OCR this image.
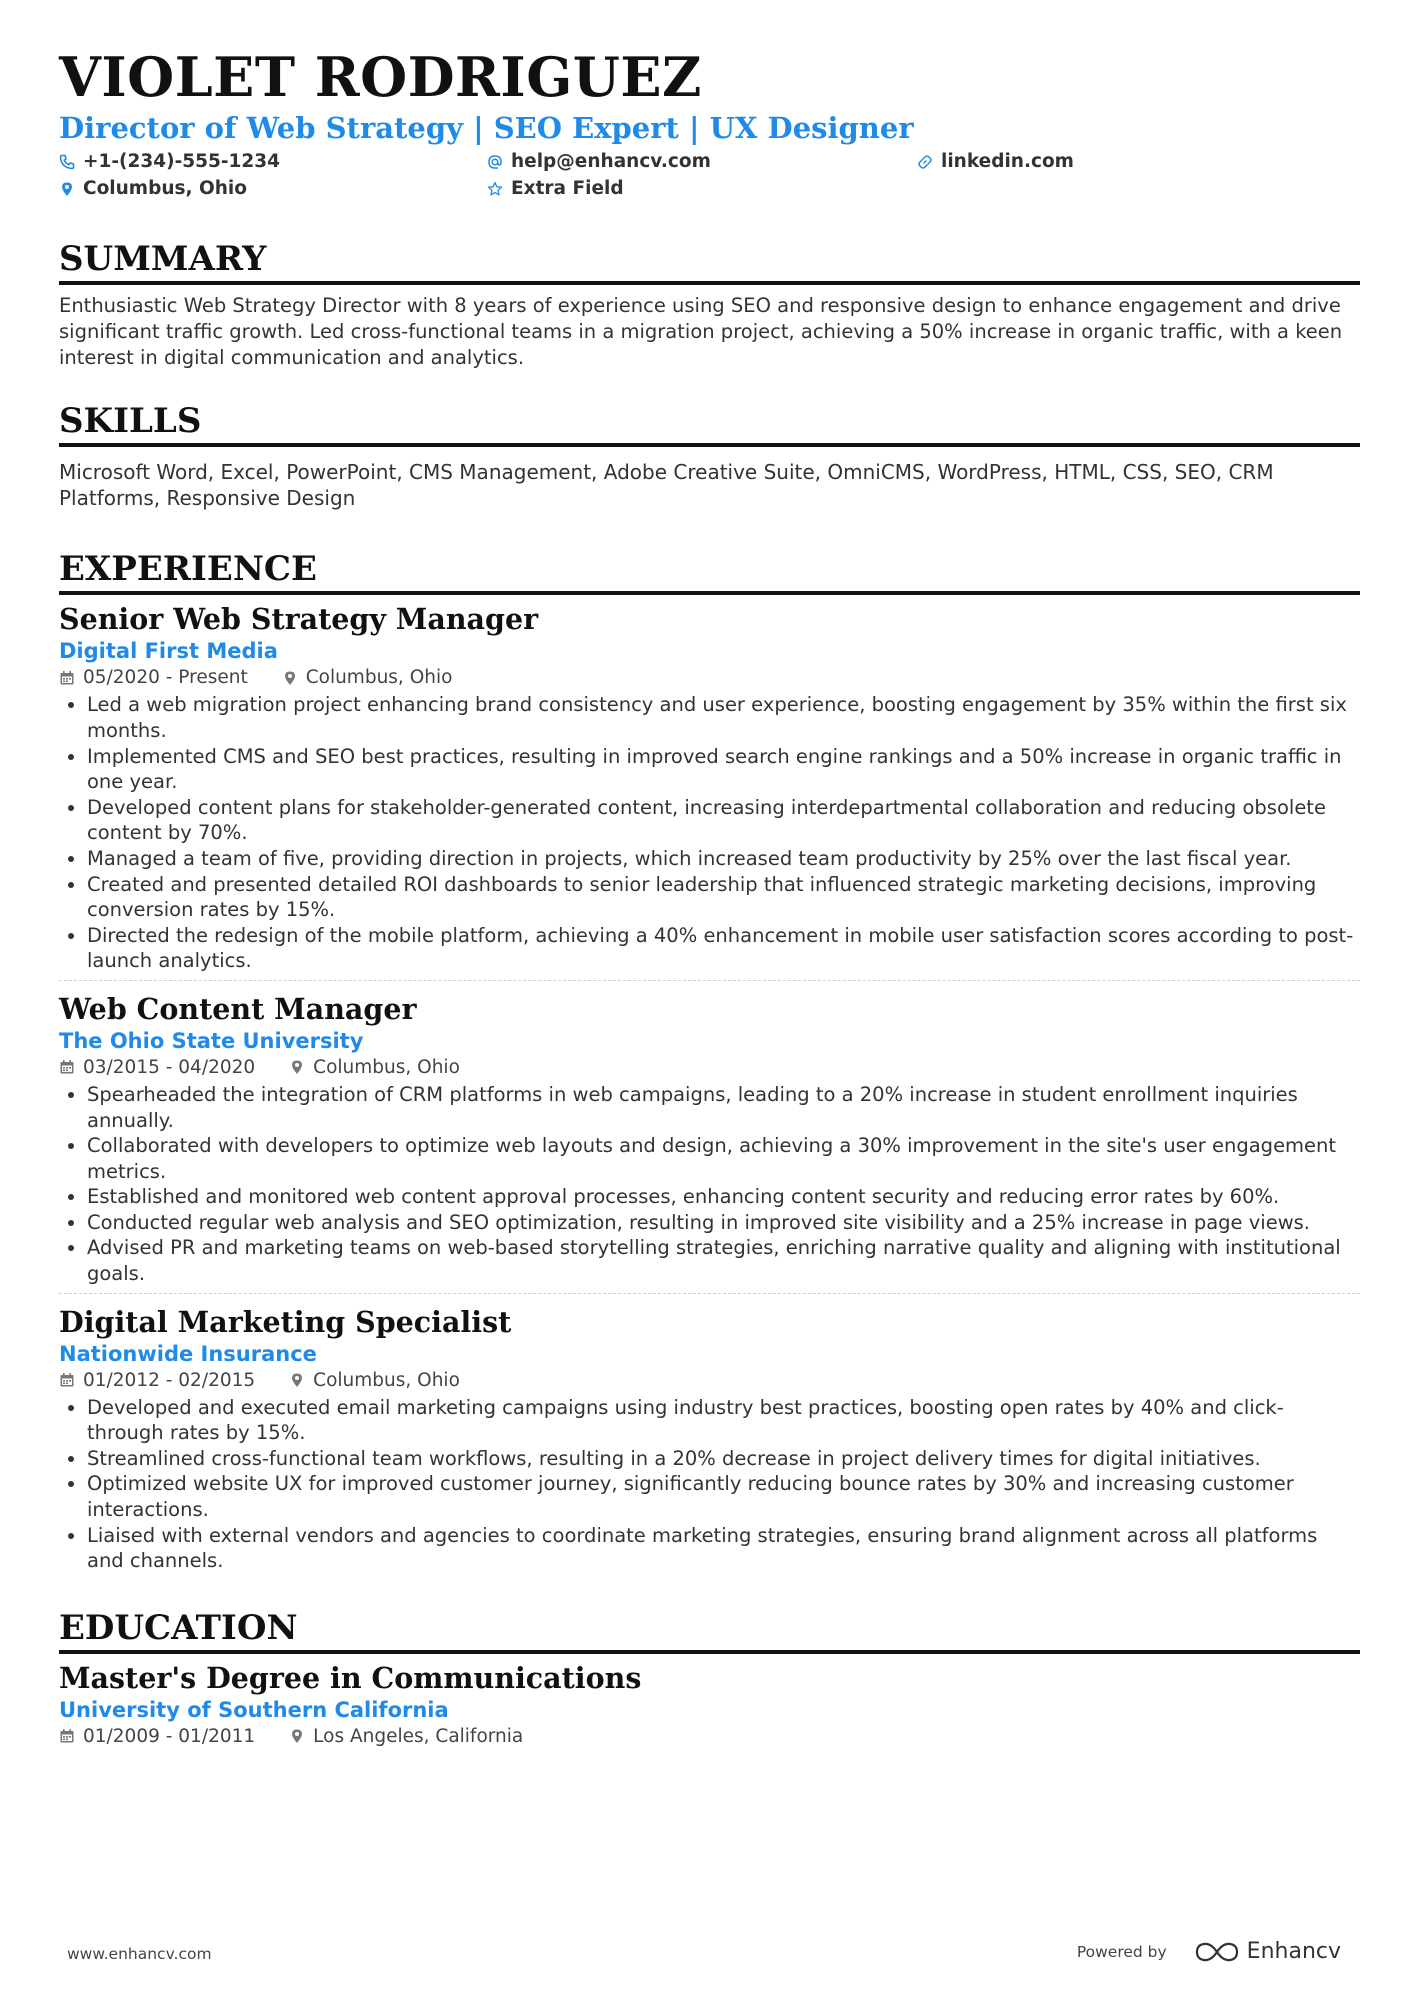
VIOLET RODRIGUEZ
Director of Web Strategy | SEO Expert | UX Designer
+1-(234)-555-1234	help@enhancv.com	linkedin.com
Columbus, Ohio	Extra Field
SUMMARY

Enthusiastic Web Strategy Director with 8 years of experience using SEO and responsive design to enhance engagement and drive significant traffic growth. Led cross-functional teams in a migration project, achieving a 50% increase in organic traffic, with a keen interest in digital communication and analytics.

SKILLS

Microsoft Word, Excel, PowerPoint, CMS Management, Adobe Creative Suite, OmniCMS, WordPress, HTML, CSS, SEO, CRM Platforms, Responsive Design

EXPERIENCE
Senior Web Strategy Manager
Digital First Media
05/2020 - Present	Columbus, Ohio
• Led a web migration project enhancing brand consistency and user experience, boosting engagement by 35% within the first six months.
• Implemented CMS and SEO best practices, resulting in improved search engine rankings and a 50% increase in organic traffic in one year.
• Developed content plans for stakeholder-generated content, increasing interdepartmental collaboration and reducing obsolete content by 70%.
• Managed a team of five, providing direction in projects, which increased team productivity by 25% over the last fiscal year.
• Created and presented detailed ROI dashboards to senior leadership that influenced strategic marketing decisions, improving conversion rates by 15%.
• Directed the redesign of the mobile platform, achieving a 40% enhancement in mobile user satisfaction scores according to post-launch analytics.
Web Content Manager
The Ohio State University
03/2015 - 04/2020	Columbus, Ohio
• Spearheaded the integration of CRM platforms in web campaigns, leading to a 20% increase in student enrollment inquiries annually.
• Collaborated with developers to optimize web layouts and design, achieving a 30% improvement in the site's user engagement metrics.
• Established and monitored web content approval processes, enhancing content security and reducing error rates by 60%.
• Conducted regular web analysis and SEO optimization, resulting in improved site visibility and a 25% increase in page views.
• Advised PR and marketing teams on web-based storytelling strategies, enriching narrative quality and aligning with institutional goals.
Digital Marketing Specialist
Nationwide Insurance
01/2012 - 02/2015	Columbus, Ohio
• Developed and executed email marketing campaigns using industry best practices, boosting open rates by 40% and click-through rates by 15%.
• Streamlined cross-functional team workflows, resulting in a 20% decrease in project delivery times for digital initiatives.
• Optimized website UX for improved customer journey, significantly reducing bounce rates by 30% and increasing customer interactions.
• Liaised with external vendors and agencies to coordinate marketing strategies, ensuring brand alignment across all platforms and channels.
EDUCATION
Master's Degree in Communications
University of Southern California
01/2009 - 01/2011	Los Angeles, California
www.enhancv.com	Powered by	Enhancv
